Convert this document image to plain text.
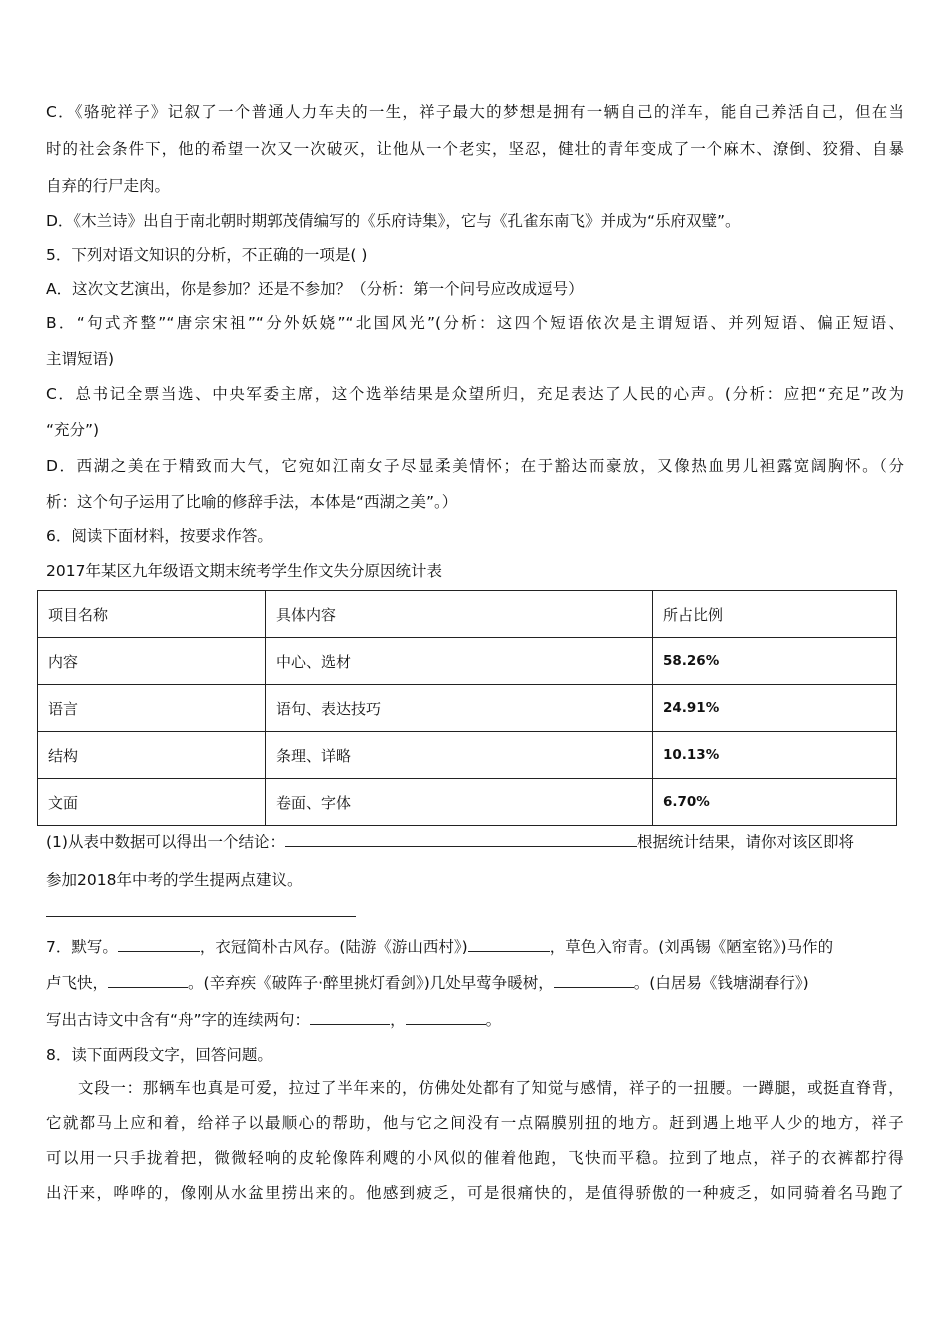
C．《骆驼祥子》记叙了一个普通人力车夫的一生，祥子最大的梦想是拥有一辆自己的洋车，能自己养活自己，但在当
时的社会条件下，他的希望一次又一次破灭，让他从一个老实，坚忍，健壮的青年变成了一个麻木、潦倒、狡猾、自暴
自弃的行尸走肉。
D．《木兰诗》出自于南北朝时期郭茂倩编写的《乐府诗集》，它与《孔雀东南飞》并成为“乐府双璧”。
5．下列对语文知识的分析，不正确的一项是( )
A．这次文艺演出，你是参加？还是不参加？（分析：第一个问号应改成逗号）
B．“句式齐整”“唐宗宋祖”“分外妖娆”“北国风光”(分析：这四个短语依次是主谓短语、并列短语、偏正短语、
主谓短语)
C．总书记全票当选、中央军委主席，这个选举结果是众望所归，充足表达了人民的心声。(分析：应把“充足”改为
“充分”)
D．西湖之美在于精致而大气，它宛如江南女子尽显柔美情怀；在于豁达而豪放，又像热血男儿袒露宽阔胸怀。（分
析：这个句子运用了比喻的修辞手法，本体是“西湖之美”。）
6．阅读下面材料，按要求作答。
2017年某区九年级语文期末统考学生作文失分原因统计表
项目名称	具体内容	所占比例
内容	中心、选材	58.26%
语言	语句、表达技巧	24.91%
结构	条理、详略	10.13%
文面	卷面、字体	6.70%
(1)从表中数据可以得出一个结论：	根据统计结果，请你对该区即将
参加2018年中考的学生提两点建议。
7．默写。	，衣冠简朴古风存。(陆游《游山西村》)	，草色入帘青。(刘禹锡《陋室铭》)马作的
卢飞快，	。(辛弃疾《破阵子·醉里挑灯看剑》)几处早莺争暖树，	。(白居易《钱塘湖春行》)
写出古诗文中含有“舟”字的连续两句：	，	。
8．读下面两段文字，回答问题。
文段一：那辆车也真是可爱，拉过了半年来的，仿佛处处都有了知觉与感情，祥子的一扭腰。一蹲腿，或挺直脊背，
它就都马上应和着，给祥子以最顺心的帮助，他与它之间没有一点隔膜别扭的地方。赶到遇上地平人少的地方，祥子
可以用一只手拢着把，微微轻响的皮轮像阵利飕的小风似的催着他跑，飞快而平稳。拉到了地点，祥子的衣裤都拧得
出汗来，哗哗的，像刚从水盆里捞出来的。他感到疲乏，可是很痛快的，是值得骄傲的一种疲乏，如同骑着名马跑了
